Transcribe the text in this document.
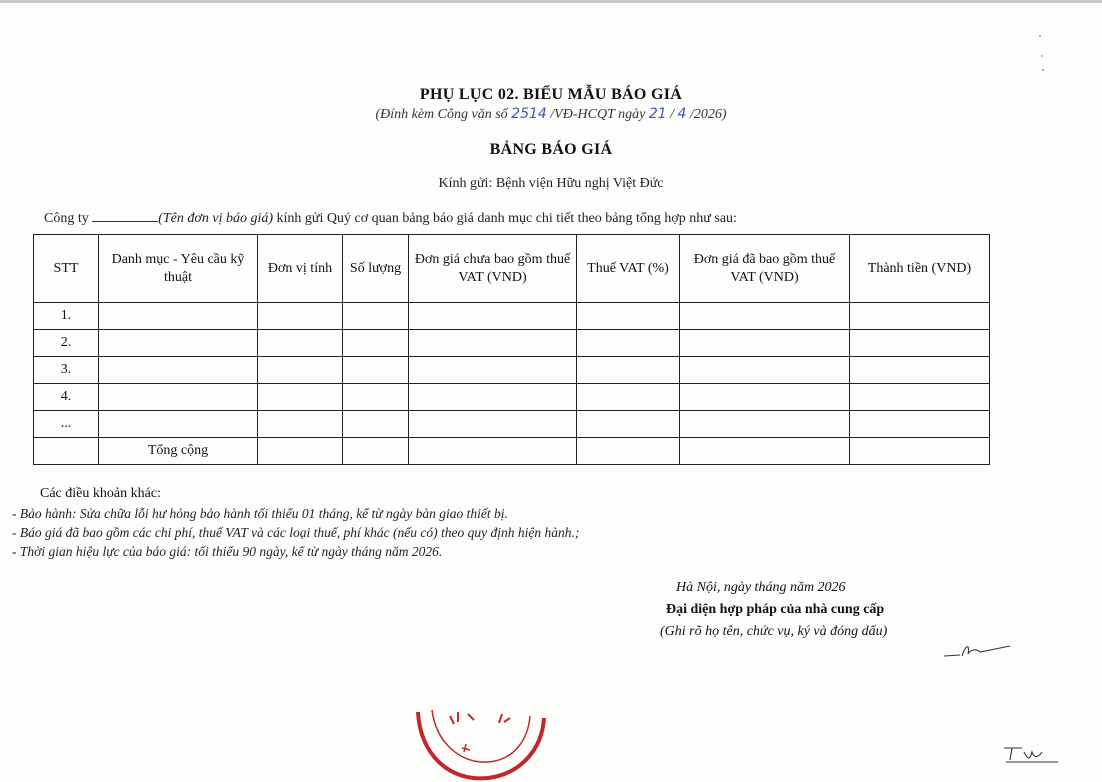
PHỤ LỤC 02. BIỂU MẪU BÁO GIÁ
(Đính kèm Công văn số 2514 /VĐ-HCQT ngày 21 / 4 /2026)
BẢNG BÁO GIÁ
Kính gửi: Bệnh viện Hữu nghị Việt Đức
Công ty	(Tên đơn vị báo giá) kính gửi Quý cơ quan bảng báo giá danh mục chi tiết theo bảng tổng hợp như sau:
STT	Danh mục - Yêu cầu kỹ thuật	Đơn vị tính	Số lượng	Đơn giá chưa bao gồm thuế VAT (VND)	Thuế VAT (%)	Đơn giá đã bao gồm thuế VAT (VND)	Thành tiền (VND)
1.							
2.							
3.							
4.							
...							
	Tổng cộng						
Các điều khoản khác:
- Bảo hành: Sửa chữa lỗi hư hỏng bảo hành tối thiểu 01 tháng, kể từ ngày bàn giao thiết bị.
- Báo giá đã bao gồm các chi phí, thuế VAT và các loại thuế, phí khác (nếu có) theo quy định hiện hành.;
- Thời gian hiệu lực của báo giá: tối thiểu 90 ngày, kể từ ngày tháng năm 2026.
Hà Nội, ngày tháng năm 2026
Đại diện hợp pháp của nhà cung cấp
(Ghi rõ họ tên, chức vụ, ký và đóng dấu)
